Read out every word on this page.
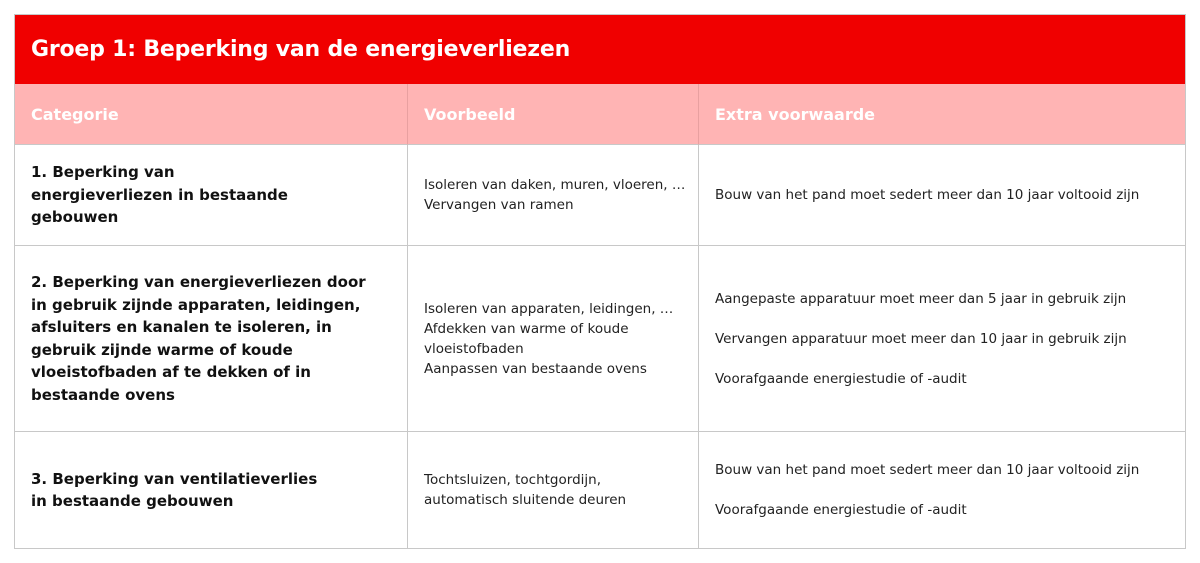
Groep 1: Beperking van de energieverliezen
Categorie	Voorbeeld	Extra voorwaarde
1. Beperking van energieverliezen in bestaande gebouwen
Isoleren van daken, muren, vloeren, …
Vervangen van ramen
Bouw van het pand moet sedert meer dan 10 jaar voltooid zijn
2. Beperking van energieverliezen door in gebruik zijnde apparaten, leidingen, afsluiters en kanalen te isoleren, in gebruik zijnde warme of koude vloeistofbaden af te dekken of in bestaande ovens
Isoleren van apparaten, leidingen, …
Afdekken van warme of koude
vloeistofbaden
Aanpassen van bestaande ovens
Aangepaste apparatuur moet meer dan 5 jaar in gebruik zijn
Vervangen apparatuur moet meer dan 10 jaar in gebruik zijn
Voorafgaande energiestudie of -audit
3. Beperking van ventilatieverlies in bestaande gebouwen
Tochtsluizen, tochtgordijn,
automatisch sluitende deuren
Bouw van het pand moet sedert meer dan 10 jaar voltooid zijn
Voorafgaande energiestudie of -audit
